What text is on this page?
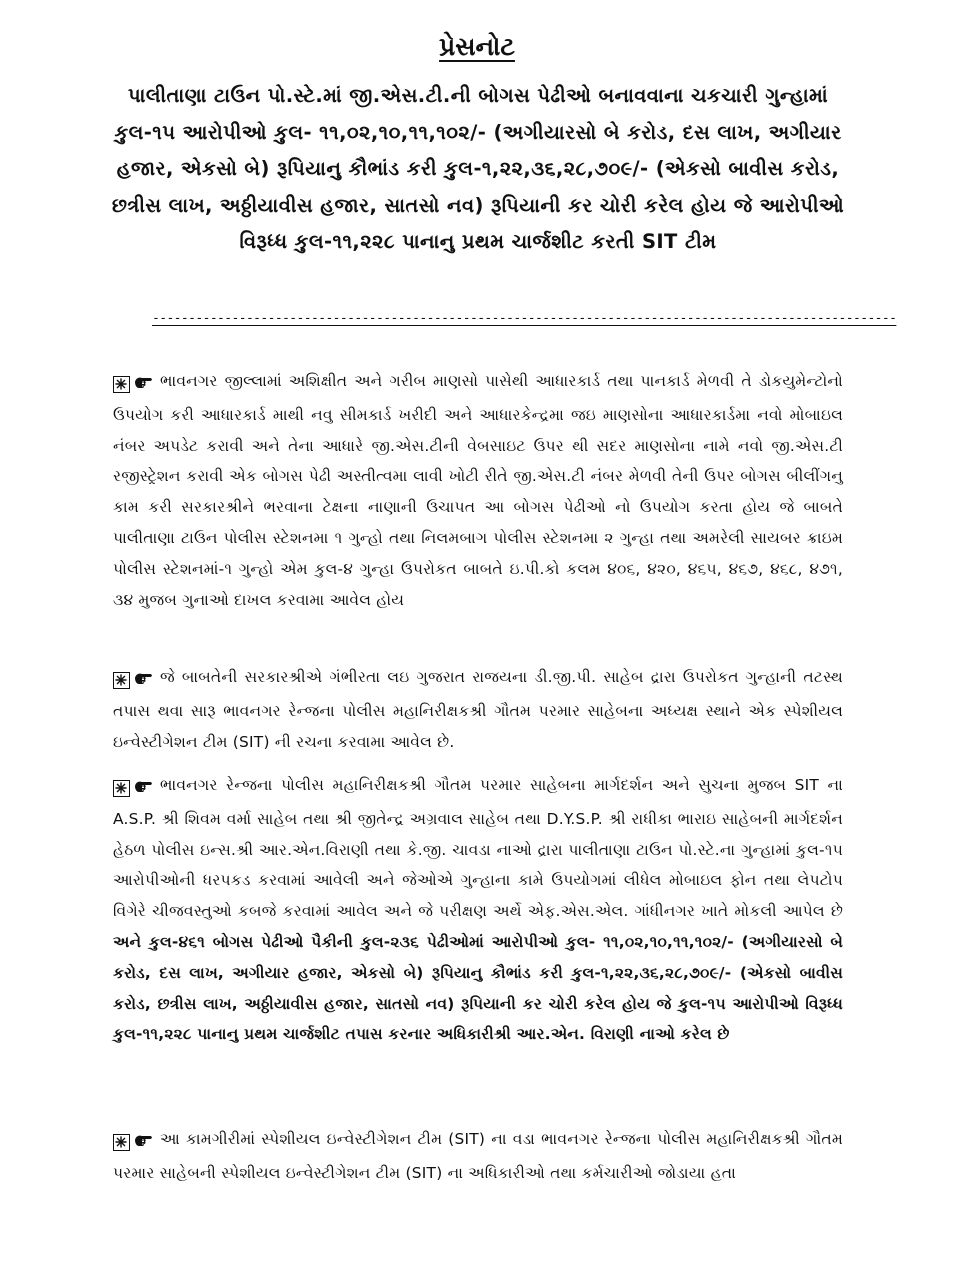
પ્રેસનોટ
પાલીતાણા ટાઉન પો.સ્ટે.માં જી.એસ.ટી.ની બોગસ પેઢીઓ બનાવવાના ચકચારી ગુન્હામાં કુલ-૧૫ આરોપીઓ કુલ- ૧૧,૦૨,૧૦,૧૧,૧૦૨/- (અગીયારસો બે કરોડ, દસ લાખ, અગીયાર હજાર, એકસો બે) રૂપિયાનુ કૌભાંડ કરી કુલ-૧,૨૨,૩૬,૨૮,૭૦૯/- (એકસો બાવીસ કરોડ, છત્રીસ લાખ, અઠ્ઠીયાવીસ હજાર, સાતસો નવ) રૂપિયાની કર ચોરી કરેલ હોય જે આરોપીઓ વિરૂધ્ધ કુલ-૧૧,૨૨૮ પાનાનુ પ્રથમ ચાર્જશીટ કરતી SIT ટીમ
-------------------------------------------------------------------------------------------------------
ભાવનગર જીલ્લામાં અશિક્ષીત અને ગરીબ માણસો પાસેથી આધારકાર્ડ તથા પાનકાર્ડ મેળવી તે ડોકયુમેન્ટોનો ઉપયોગ કરી આધારકાર્ડ માથી નવુ સીમકાર્ડ ખરીદી અને આધારકેન્દ્રમા જઇ માણસોના આધારકાર્ડમા નવો મોબાઇલ નંબર અપડેટ કરાવી અને તેના આધારે જી.એસ.ટીની વેબસાઇટ ઉપર થી સદર માણસોના નામે નવો જી.એસ.ટી રજીસ્ટ્રેશન કરાવી એક બોગસ પેઢી અસ્તીત્વમા લાવી ખોટી રીતે જી.એસ.ટી નંબર મેળવી તેની ઉપર બોગસ બીલીંગનુ કામ કરી સરકારશ્રીને ભરવાના ટેક્ષના નાણાની ઉચાપત આ બોગસ પેઢીઓ નો ઉપયોગ કરતા હોય જે બાબતે પાલીતાણા ટાઉન પોલીસ સ્ટેશનમા ૧ ગુન્હો તથા નિલમબાગ પોલીસ સ્ટેશનમા ૨ ગુન્હા તથા અમરેલી સાયબર ક્રાઇમ પોલીસ સ્ટેશનમાં-૧ ગુન્હો એમ કુલ-૪ ગુન્હા ઉપરોકત બાબતે ઇ.પી.કો કલમ ૪૦૬, ૪૨૦, ૪૬૫, ૪૬૭, ૪૬૮, ૪૭૧, ૩૪ મુજબ ગુનાઓ દાખલ કરવામા આવેલ હોય
જે બાબતેની સરકારશ્રીએ ગંભીરતા લઇ ગુજરાત રાજયના ડી.જી.પી. સાહેબ દ્રારા ઉપરોકત ગુન્હાની તટસ્થ તપાસ થવા સારૂ ભાવનગર રેન્જના પોલીસ મહાનિરીક્ષકશ્રી ગૌતમ પરમાર સાહેબના અધ્યક્ષ સ્થાને એક સ્પેશીયલ ઇન્વેસ્ટીગેશન ટીમ (SIT) ની રચના કરવામા આવેલ છે.
ભાવનગર રેન્જના પોલીસ મહાનિરીક્ષકશ્રી ગૌતમ પરમાર સાહેબના માર્ગદર્શન અને સુચના મુજબ SIT ના A.S.P. શ્રી શિવમ વર્મા સાહેબ તથા શ્રી જીતેન્દ્ર અગ્રવાલ સાહેબ તથા D.Y.S.P. શ્રી રાધીકા ભારાઇ સાહેબની માર્ગદર્શન હેઠળ પોલીસ ઇન્સ.શ્રી આર.એન.વિરાણી તથા કે.જી. ચાવડા નાઓ દ્રારા પાલીતાણા ટાઉન પો.સ્ટે.ના ગુન્હામાં કુલ-૧૫ આરોપીઓની ધરપકડ કરવામાં આવેલી અને જેઓએ ગુન્હાના કામે ઉપયોગમાં લીધેલ મોબાઇલ ફોન તથા લેપટોપ વિગેરે ચીજવસ્તુઓ કબજે કરવામાં આવેલ અને જે પરીક્ષણ અર્થે એફ.એસ.એલ. ગાંધીનગર ખાતે મોકલી આપેલ છે અને કુલ-૪૬૧ બોગસ પેઢીઓ પૈકીની કુલ-૨૩૬ પેઢીઓમાં આરોપીઓ કુલ- ૧૧,૦૨,૧૦,૧૧,૧૦૨/- (અગીયારસો બે કરોડ, દસ લાખ, અગીયાર હજાર, એકસો બે) રૂપિયાનુ કૌભાંડ કરી કુલ-૧,૨૨,૩૬,૨૮,૭૦૯/- (એકસો બાવીસ કરોડ, છત્રીસ લાખ, અઠ્ઠીયાવીસ હજાર, સાતસો નવ) રૂપિયાની કર ચોરી કરેલ હોય જે કુલ-૧૫ આરોપીઓ વિરૂધ્ધ કુલ-૧૧,૨૨૮ પાનાનુ પ્રથમ ચાર્જશીટ તપાસ કરનાર અધિકારીશ્રી આર.એન. વિરાણી નાઓ કરેલ છે
આ કામગીરીમાં સ્પેશીયલ ઇન્વેસ્ટીગેશન ટીમ (SIT) ના વડા ભાવનગર રેન્જના પોલીસ મહાનિરીક્ષકશ્રી ગૌતમ પરમાર સાહેબની સ્પેશીયલ ઇન્વેસ્ટીગેશન ટીમ (SIT) ના અધિકારીઓ તથા કર્મચારીઓ જોડાયા હતા
